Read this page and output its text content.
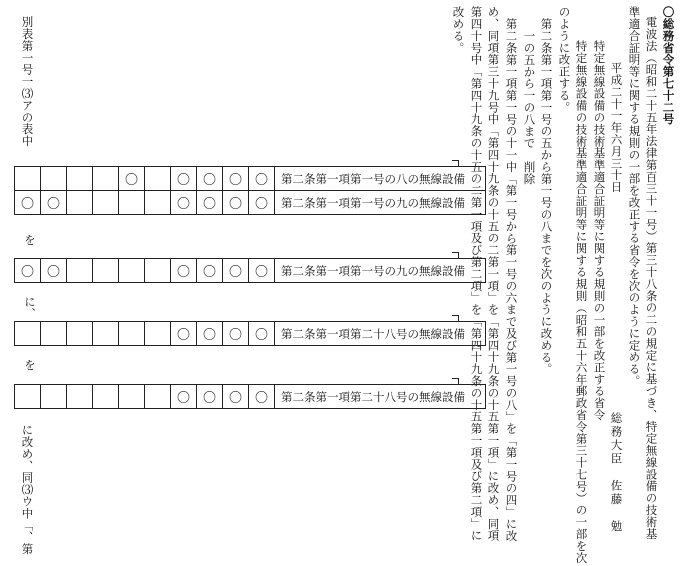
〇総務省令第七十二号
電波法（昭和二十五年法律第百三十一号）第三十八条の二の規定に基づき、特定無線設備の技術基
準適合証明等に関する規則の一部を改正する省令を次のように定める。
平成二十一年六月三十日
総務大臣　佐藤　勉
特定無線設備の技術基準適合証明等に関する規則の一部を改正する省令
特定無線設備の技術基準適合証明等に関する規則（昭和五十六年郵政省令第三十七号）の一部を次
のように改正する。
第二条第一項第一号の五から第一号の八までを次のように改める。
一の五から一の八まで　削除
第二条第一項第一号の十一中「第一号から第一号の六まで及び第一号の八」を「第一号の四」に改
め、同項第三十九号中「第四十九条の十五の二第一項」を「第四十九条の十五第一項」に改め、同項
第四十号中「第四十九条の十五の二第一項及び第二項」を「第四十九条の十五第一項及び第二項」に
改める。
別表第一号一⑶アの表中
				〇		〇	〇	〇	〇	第二条第一項第一号の八の無線設備
〇	〇					〇	〇	〇	〇	第二条第一項第一号の九の無線設備
を
〇	〇					〇	〇	〇	〇	第二条第一項第一号の九の無線設備
に、
						〇	〇	〇	〇	第二条第一項第二十八号の無線設備
を
						〇	〇	〇	〇	第二条第一項第二十八号の無線設備
に改め、同⑶ウ中「、第
